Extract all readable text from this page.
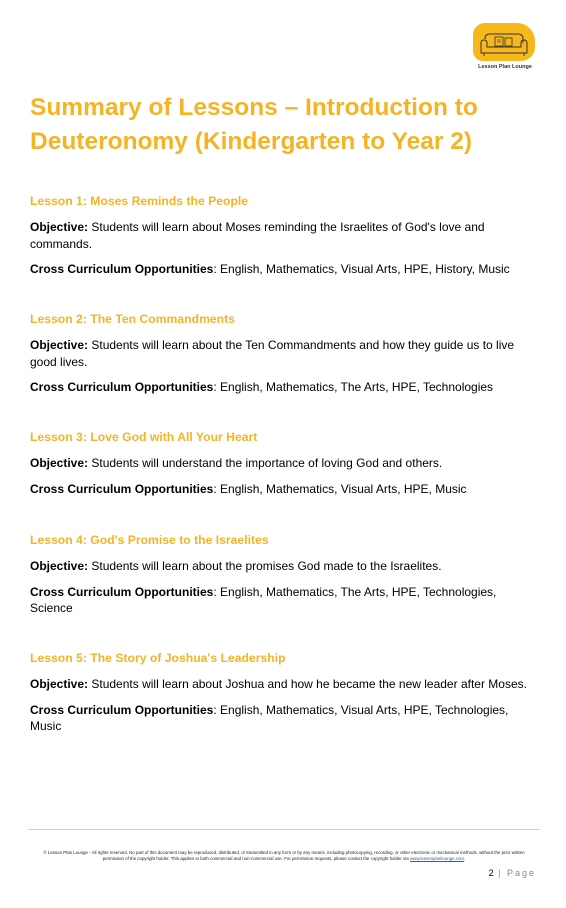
Lesson Plan Lounge
Summary of Lessons – Introduction to Deuteronomy (Kindergarten to Year 2)
Lesson 1: Moses Reminds the People

Objective: Students will learn about Moses reminding the Israelites of God's love and commands.

Cross Curriculum Opportunities: English, Mathematics, Visual Arts, HPE, History, Music

Lesson 2: The Ten Commandments

Objective: Students will learn about the Ten Commandments and how they guide us to live good lives.

Cross Curriculum Opportunities: English, Mathematics, The Arts, HPE, Technologies

Lesson 3: Love God with All Your Heart

Objective: Students will understand the importance of loving God and others.

Cross Curriculum Opportunities: English, Mathematics, Visual Arts, HPE, Music

Lesson 4: God's Promise to the Israelites

Objective: Students will learn about the promises God made to the Israelites.

Cross Curriculum Opportunities: English, Mathematics, The Arts, HPE, Technologies, Science

Lesson 5: The Story of Joshua's Leadership

Objective: Students will learn about Joshua and how he became the new leader after Moses.

Cross Curriculum Opportunities: English, Mathematics, Visual Arts, HPE, Technologies, Music

© Lesson Plan Lounge - All rights reserved. No part of this document may be reproduced, distributed, or transmitted in any form or by any means, including photocopying, recording, or other electronic or mechanical methods, without the prior written permission of the copyright holder. This applies to both commercial and non-commercial use. For permission requests, please contact the copyright holder via www.lessonplanlounge.com.
2 | Page
